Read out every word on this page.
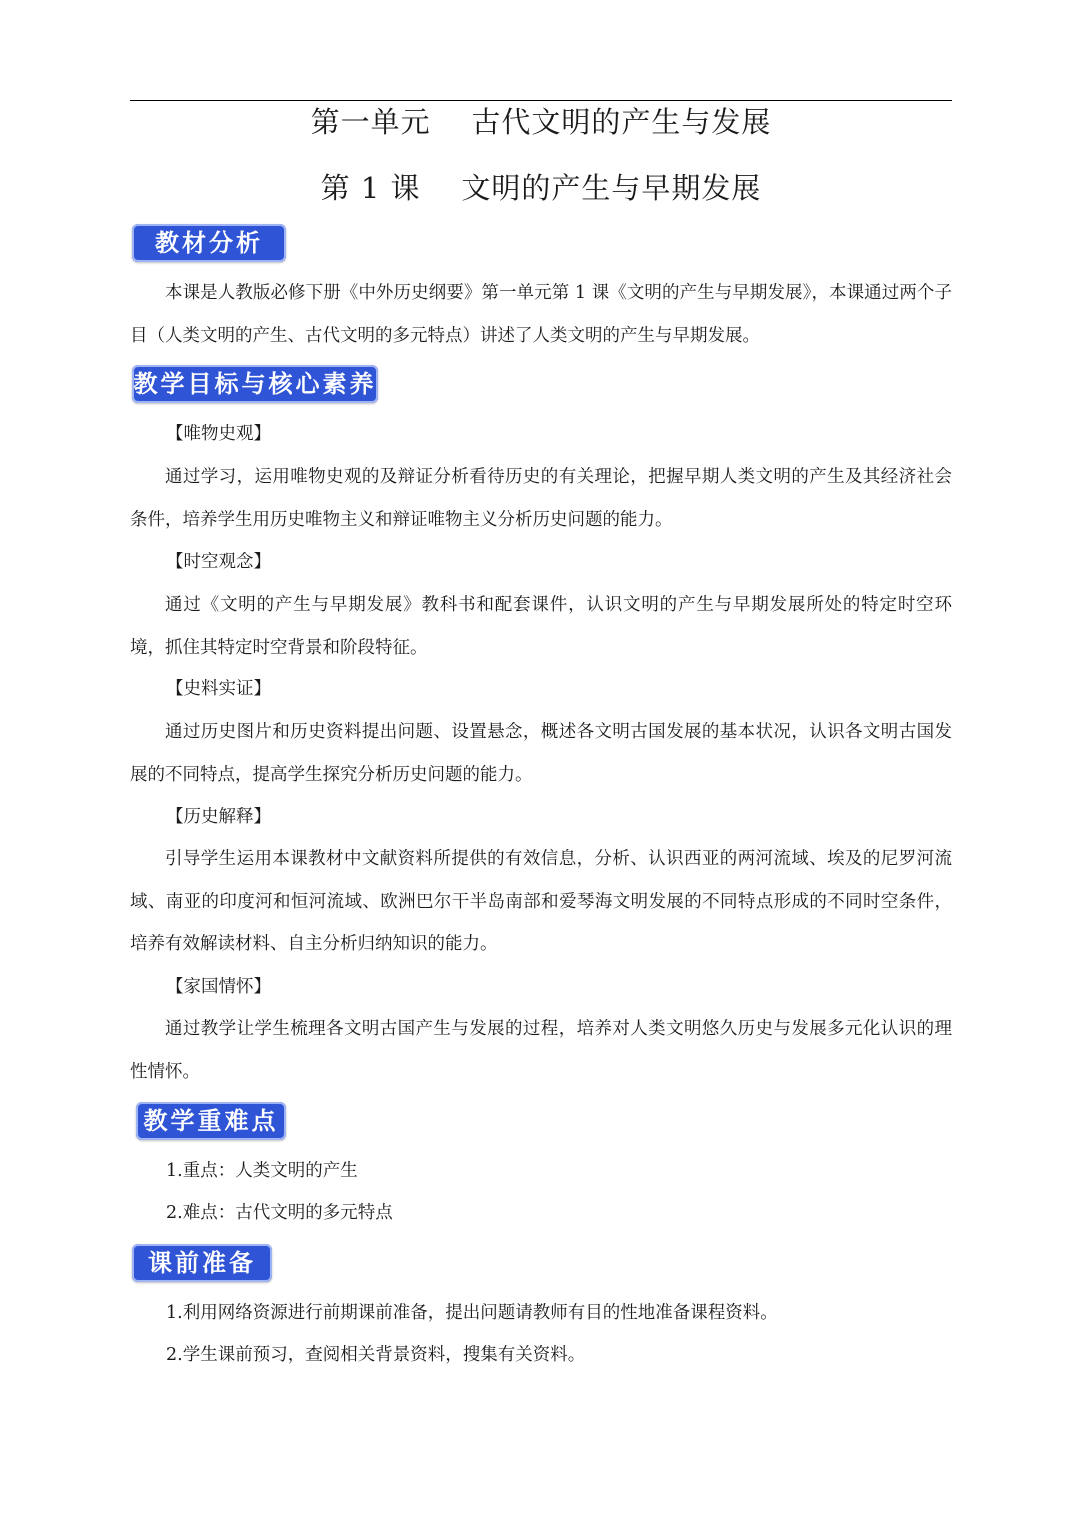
第一单元    古代文明的产生与发展
第 1 课    文明的产生与早期发展
教材分析
本课是人教版必修下册《中外历史纲要》第一单元第 1 课《文明的产生与早期发展》，本课通过两个子目（人类文明的产生、古代文明的多元特点）讲述了人类文明的产生与早期发展。
教学目标与核心素养
【唯物史观】
通过学习，运用唯物史观的及辩证分析看待历史的有关理论，把握早期人类文明的产生及其经济社会条件，培养学生用历史唯物主义和辩证唯物主义分析历史问题的能力。
【时空观念】
通过《文明的产生与早期发展》教科书和配套课件，认识文明的产生与早期发展所处的特定时空环境，抓住其特定时空背景和阶段特征。
【史料实证】
通过历史图片和历史资料提出问题、设置悬念，概述各文明古国发展的基本状况，认识各文明古国发展的不同特点，提高学生探究分析历史问题的能力。
【历史解释】
引导学生运用本课教材中文献资料所提供的有效信息，分析、认识西亚的两河流域、埃及的尼罗河流域、南亚的印度河和恒河流域、欧洲巴尔干半岛南部和爱琴海文明发展的不同特点形成的不同时空条件，培养有效解读材料、自主分析归纳知识的能力。
【家国情怀】
通过教学让学生梳理各文明古国产生与发展的过程，培养对人类文明悠久历史与发展多元化认识的理性情怀。
教学重难点
1.重点：人类文明的产生
2.难点：古代文明的多元特点
课前准备
1.利用网络资源进行前期课前准备，提出问题请教师有目的性地准备课程资料。
2.学生课前预习，查阅相关背景资料，搜集有关资料。
